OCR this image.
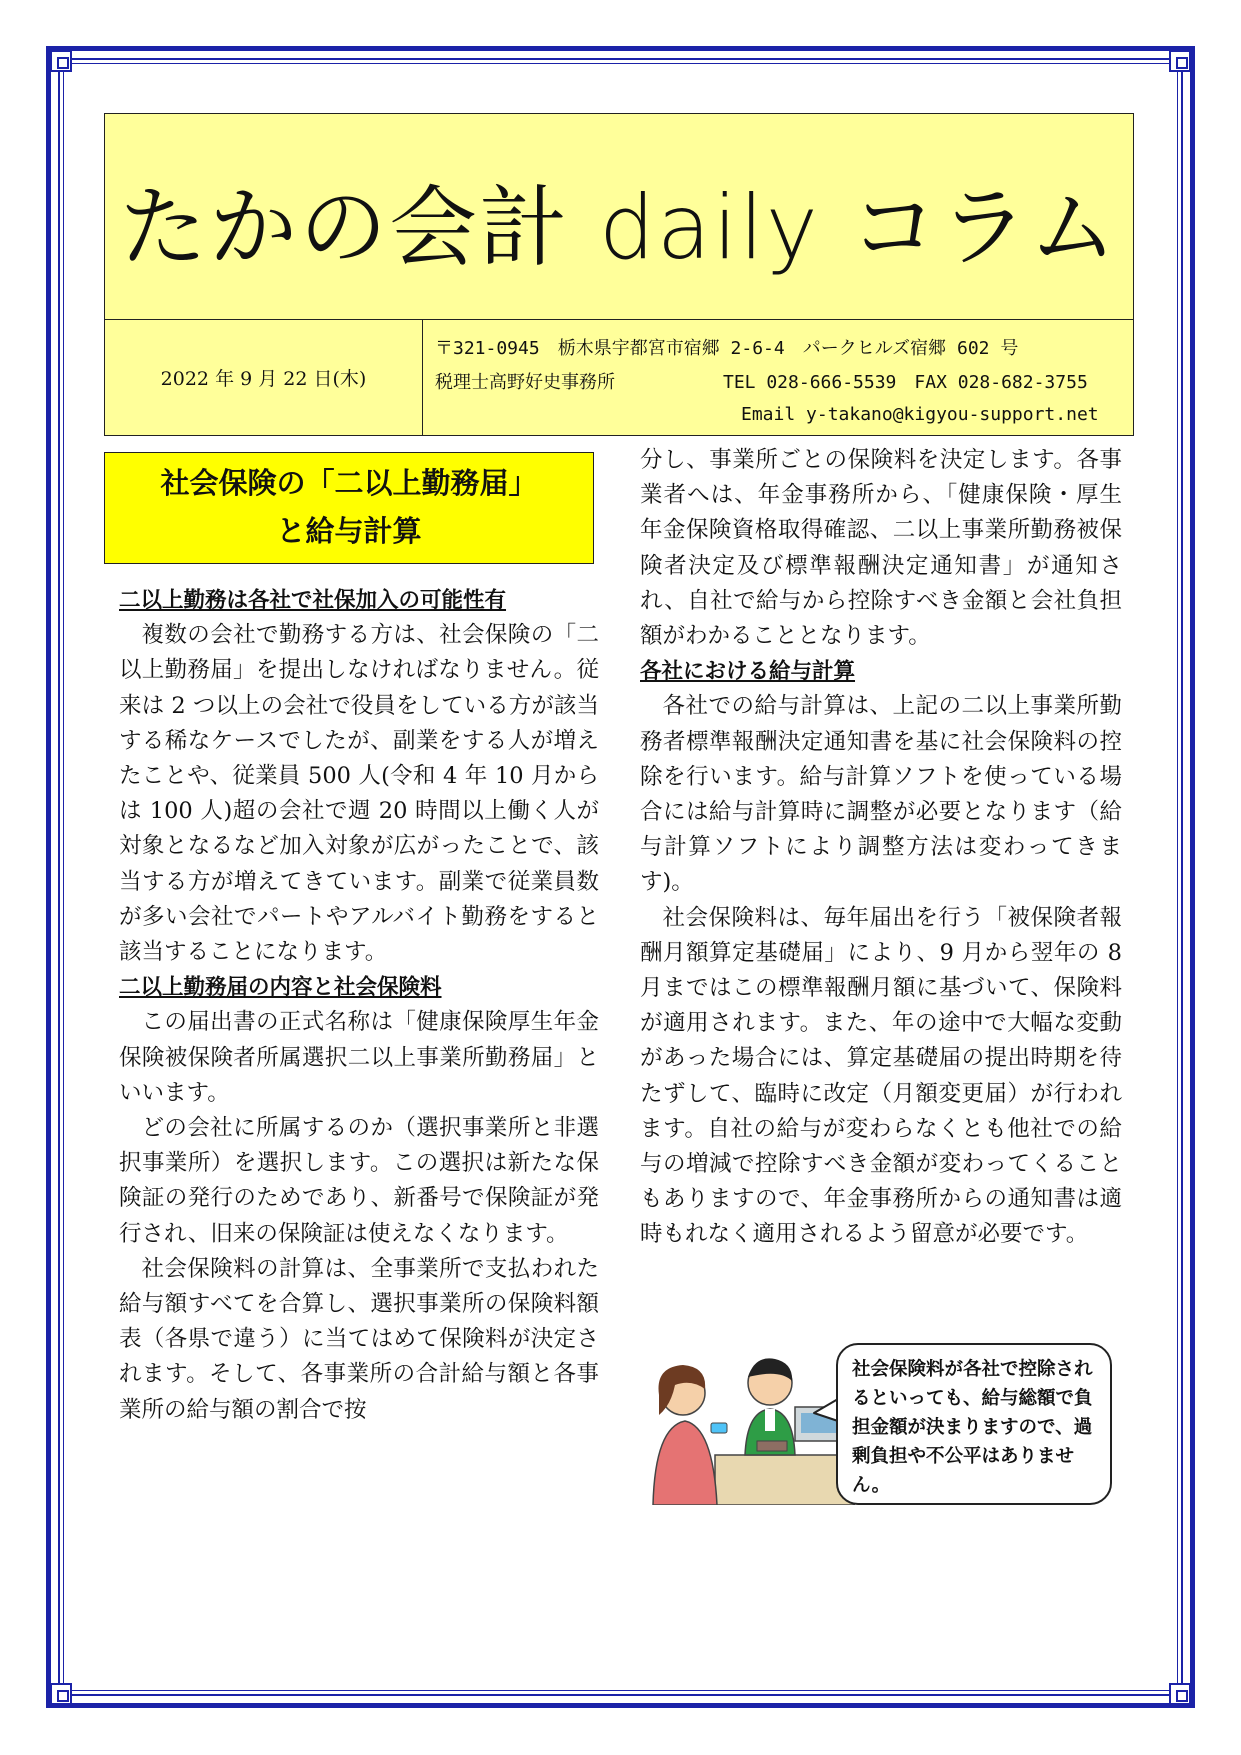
たかの会計 daily コラム
2022 年 9 月 22 日(木)
〒321-0945　栃木県宇都宮市宿郷 2-6-4　パークヒルズ宿郷 602 号
税理士高野好史事務所	TEL 028-666-5539　FAX 028-682-3755
Email y-takano@kigyou-support.net
社会保険の「二以上勤務届」
と給与計算

二以上勤務は各社で社保加入の可能性有

複数の会社で勤務する方は、社会保険の「二以上勤務届」を提出しなければなりません。従来は 2 つ以上の会社で役員をしている方が該当する稀なケースでしたが、副業をする人が増えたことや、従業員 500 人(令和 4 年 10 月からは 100 人)超の会社で週 20 時間以上働く人が対象となるなど加入対象が広がったことで、該当する方が増えてきています。副業で従業員数が多い会社でパートやアルバイト勤務をすると該当することになります。

二以上勤務届の内容と社会保険料

この届出書の正式名称は「健康保険厚生年金保険被保険者所属選択二以上事業所勤務届」といいます。

どの会社に所属するのか（選択事業所と非選択事業所）を選択します。この選択は新たな保険証の発行のためであり、新番号で保険証が発行され、旧来の保険証は使えなくなります。

社会保険料の計算は、全事業所で支払われた給与額すべてを合算し、選択事業所の保険料額表（各県で違う）に当てはめて保険料が決定されます。そして、各事業所の合計給与額と各事業所の給与額の割合で按

分し、事業所ごとの保険料を決定します。各事業者へは、年金事務所から、「健康保険・厚生年金保険資格取得確認、二以上事業所勤務被保険者決定及び標準報酬決定通知書」が通知され、自社で給与から控除すべき金額と会社負担額がわかることとなります。

各社における給与計算

各社での給与計算は、上記の二以上事業所勤務者標準報酬決定通知書を基に社会保険料の控除を行います。給与計算ソフトを使っている場合には給与計算時に調整が必要となります（給与計算ソフトにより調整方法は変わってきます)。

社会保険料は、毎年届出を行う「被保険者報酬月額算定基礎届」により、9 月から翌年の 8 月まではこの標準報酬月額に基づいて、保険料が適用されます。また、年の途中で大幅な変動があった場合には、算定基礎届の提出時期を待たずして、臨時に改定（月額変更届）が行われます。自社の給与が変わらなくとも他社での給与の増減で控除すべき金額が変わってくることもありますので、年金事務所からの通知書は適時もれなく適用されるよう留意が必要です。

社会保険料が各社で控除されるといっても、給与総額で負担金額が決まりますので、過剰負担や不公平はありません。
